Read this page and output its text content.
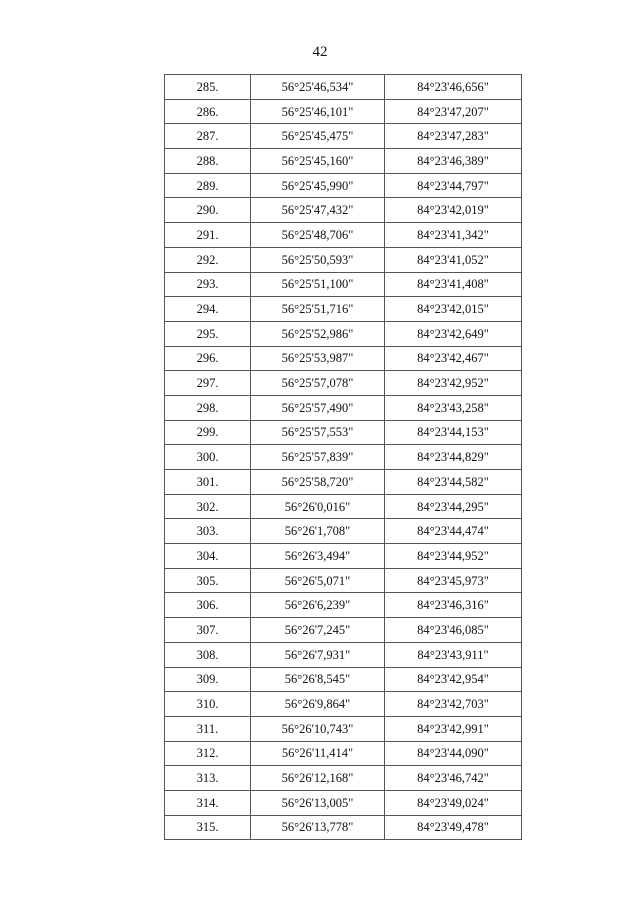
42
285.	56°25'46,534"	84°23'46,656"
286.	56°25'46,101"	84°23'47,207"
287.	56°25'45,475"	84°23'47,283"
288.	56°25'45,160"	84°23'46,389"
289.	56°25'45,990"	84°23'44,797"
290.	56°25'47,432"	84°23'42,019"
291.	56°25'48,706"	84°23'41,342"
292.	56°25'50,593"	84°23'41,052"
293.	56°25'51,100"	84°23'41,408"
294.	56°25'51,716"	84°23'42,015"
295.	56°25'52,986"	84°23'42,649"
296.	56°25'53,987"	84°23'42,467"
297.	56°25'57,078"	84°23'42,952"
298.	56°25'57,490"	84°23'43,258"
299.	56°25'57,553"	84°23'44,153"
300.	56°25'57,839"	84°23'44,829"
301.	56°25'58,720"	84°23'44,582"
302.	56°26'0,016"	84°23'44,295"
303.	56°26'1,708"	84°23'44,474"
304.	56°26'3,494"	84°23'44,952"
305.	56°26'5,071"	84°23'45,973"
306.	56°26'6,239"	84°23'46,316"
307.	56°26'7,245"	84°23'46,085"
308.	56°26'7,931"	84°23'43,911"
309.	56°26'8,545"	84°23'42,954"
310.	56°26'9,864"	84°23'42,703"
311.	56°26'10,743"	84°23'42,991"
312.	56°26'11,414"	84°23'44,090"
313.	56°26'12,168"	84°23'46,742"
314.	56°26'13,005"	84°23'49,024"
315.	56°26'13,778"	84°23'49,478"
